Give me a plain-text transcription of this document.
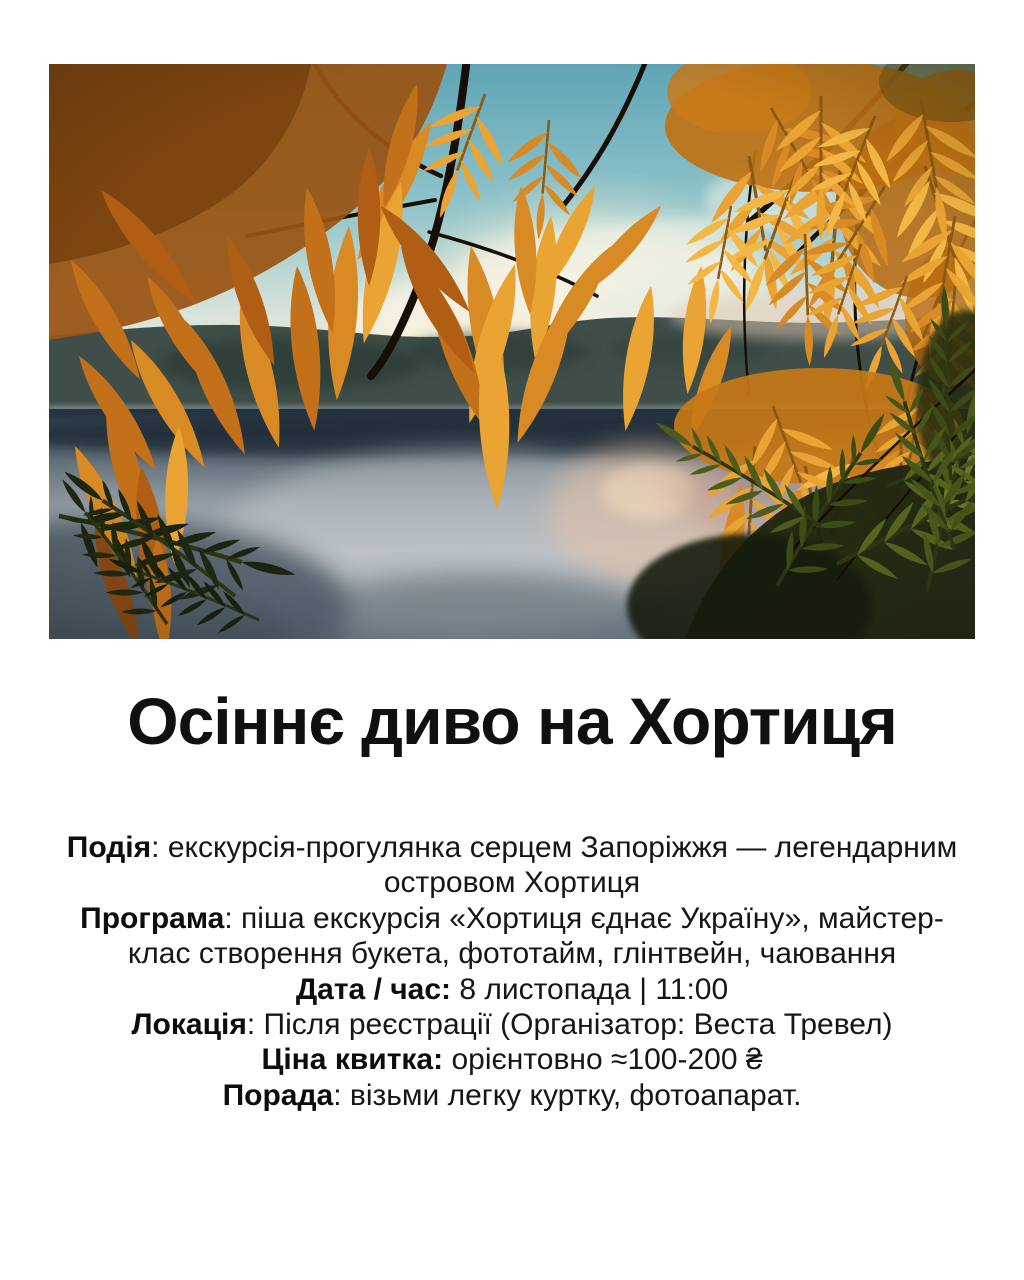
Осіннє диво на Хортиця

Подія: екскурсія-прогулянка серцем Запоріжжя — легендарним островом Хортиця

Програма: піша екскурсія «Хортиця єднає Україну», майстер-клас створення букета, фототайм, глінтвейн, чаювання

Дата / час: 8 листопада | 11:00

Локація: Після реєстрації (Організатор: Веста Тревел)

Ціна квитка: орієнтовно ≈100-200 ₴

Порада: візьми легку куртку, фотоапарат.
